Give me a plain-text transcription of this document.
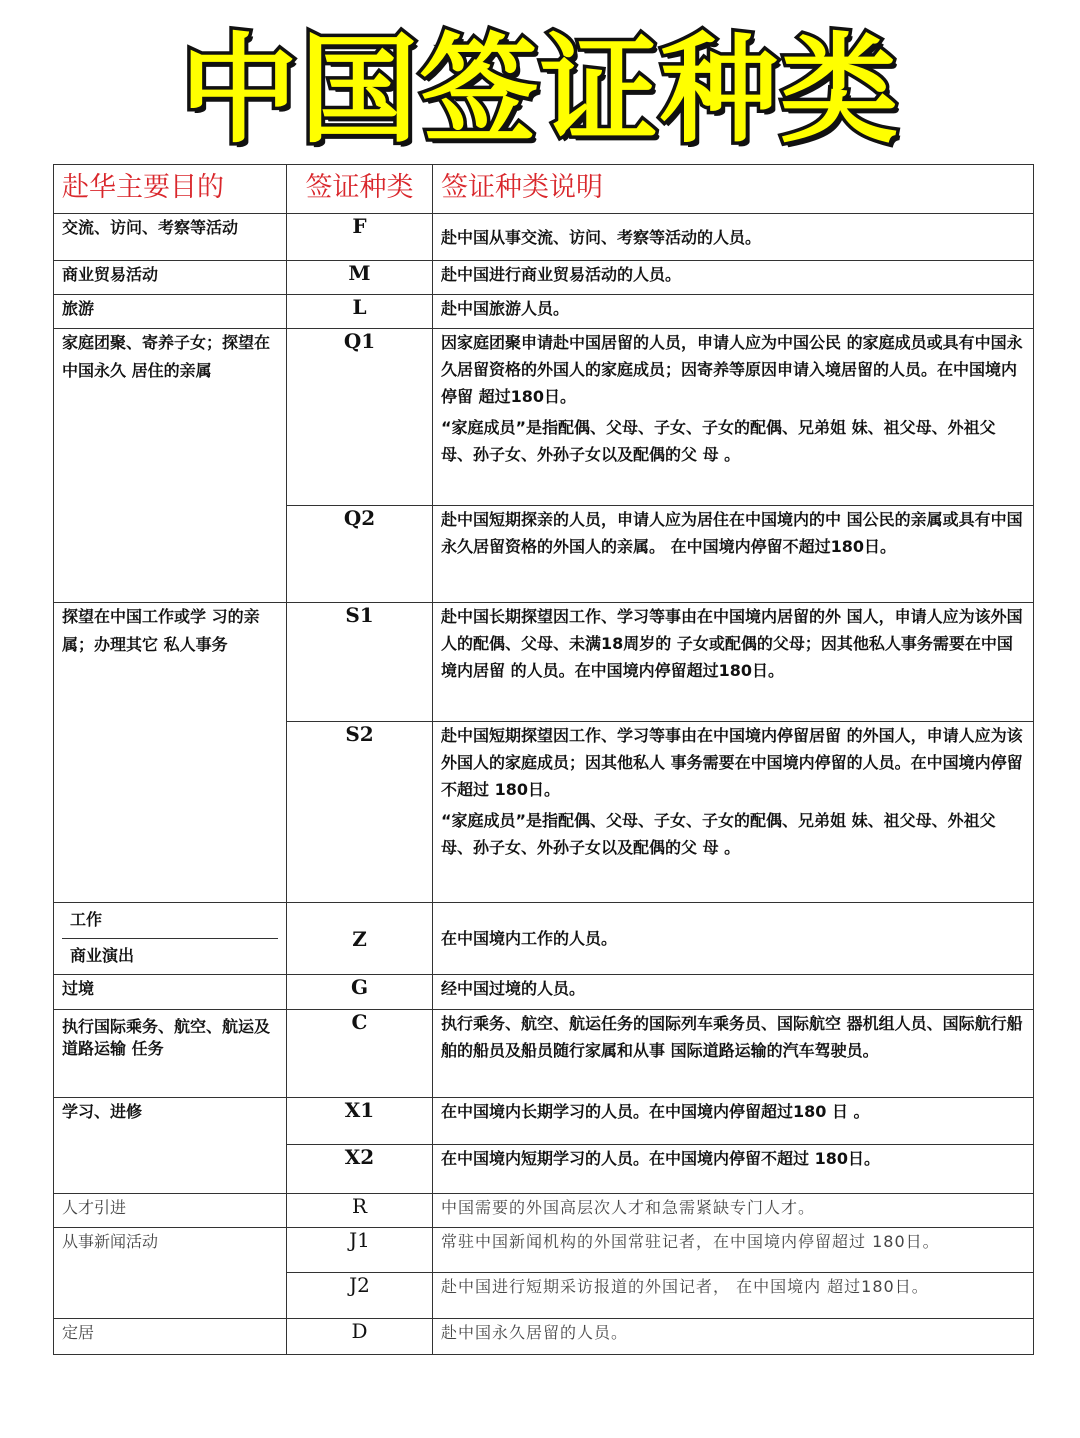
中国签证种类
赴华主要目的	签证种类	签证种类说明
交流、访问、考察等活动	F	赴中国从事交流、访问、考察等活动的人员。
商业贸易活动	M	赴中国进行商业贸易活动的人员。
旅游	L	赴中国旅游人员。
家庭团聚、寄养子女；探望在中国永久 居住的亲属	Q1	因家庭团聚申请赴中国居留的人员，申请人应为中国公民 的家庭成员或具有中国永久居留资格的外国人的家庭成员；因寄养等原因申请入境居留的人员。在中国境内停留 超过180日。
“家庭成员”是指配偶、父母、子女、子女的配偶、兄弟姐 妹、祖父母、外祖父母、孙子女、外孙子女以及配偶的父 母 。

	Q2	赴中国短期探亲的人员，申请人应为居住在中国境内的中 国公民的亲属或具有中国永久居留资格的外国人的亲属。 在中国境内停留不超过180日。
探望在中国工作或学 习的亲属；办理其它 私人事务	S1	赴中国长期探望因工作、学习等事由在中国境内居留的外 国人，申请人应为该外国人的配偶、父母、未满18周岁的 子女或配偶的父母；因其他私人事务需要在中国境内居留 的人员。在中国境内停留超过180日。
	S2	赴中国短期探望因工作、学习等事由在中国境内停留居留 的外国人，申请人应为该外国人的家庭成员；因其他私人 事务需要在中国境内停留的人员。在中国境内停留不超过 180日。
“家庭成员”是指配偶、父母、子女、子女的配偶、兄弟姐 妹、祖父母、外祖父母、孙子女、外孙子女以及配偶的父 母 。

工作
商业演出	Z	在中国境内工作的人员。
过境	G	经中国过境的人员。
执行国际乘务、航空、航运及道路运输 任务	C	执行乘务、航空、航运任务的国际列车乘务员、国际航空 器机组人员、国际航行船舶的船员及船员随行家属和从事 国际道路运输的汽车驾驶员。
学习、进修	X1	在中国境内长期学习的人员。在中国境内停留超过180 日 。
	X2	在中国境内短期学习的人员。在中国境内停留不超过 180日。
人才引进	R	中国需要的外国高层次人才和急需紧缺专门人才。
从事新闻活动	J1	常驻中国新闻机构的外国常驻记者，在中国境内停留超过 180日。
	J2	赴中国进行短期采访报道的外国记者， 在中国境内 超过180日。
定居	D	赴中国永久居留的人员。
